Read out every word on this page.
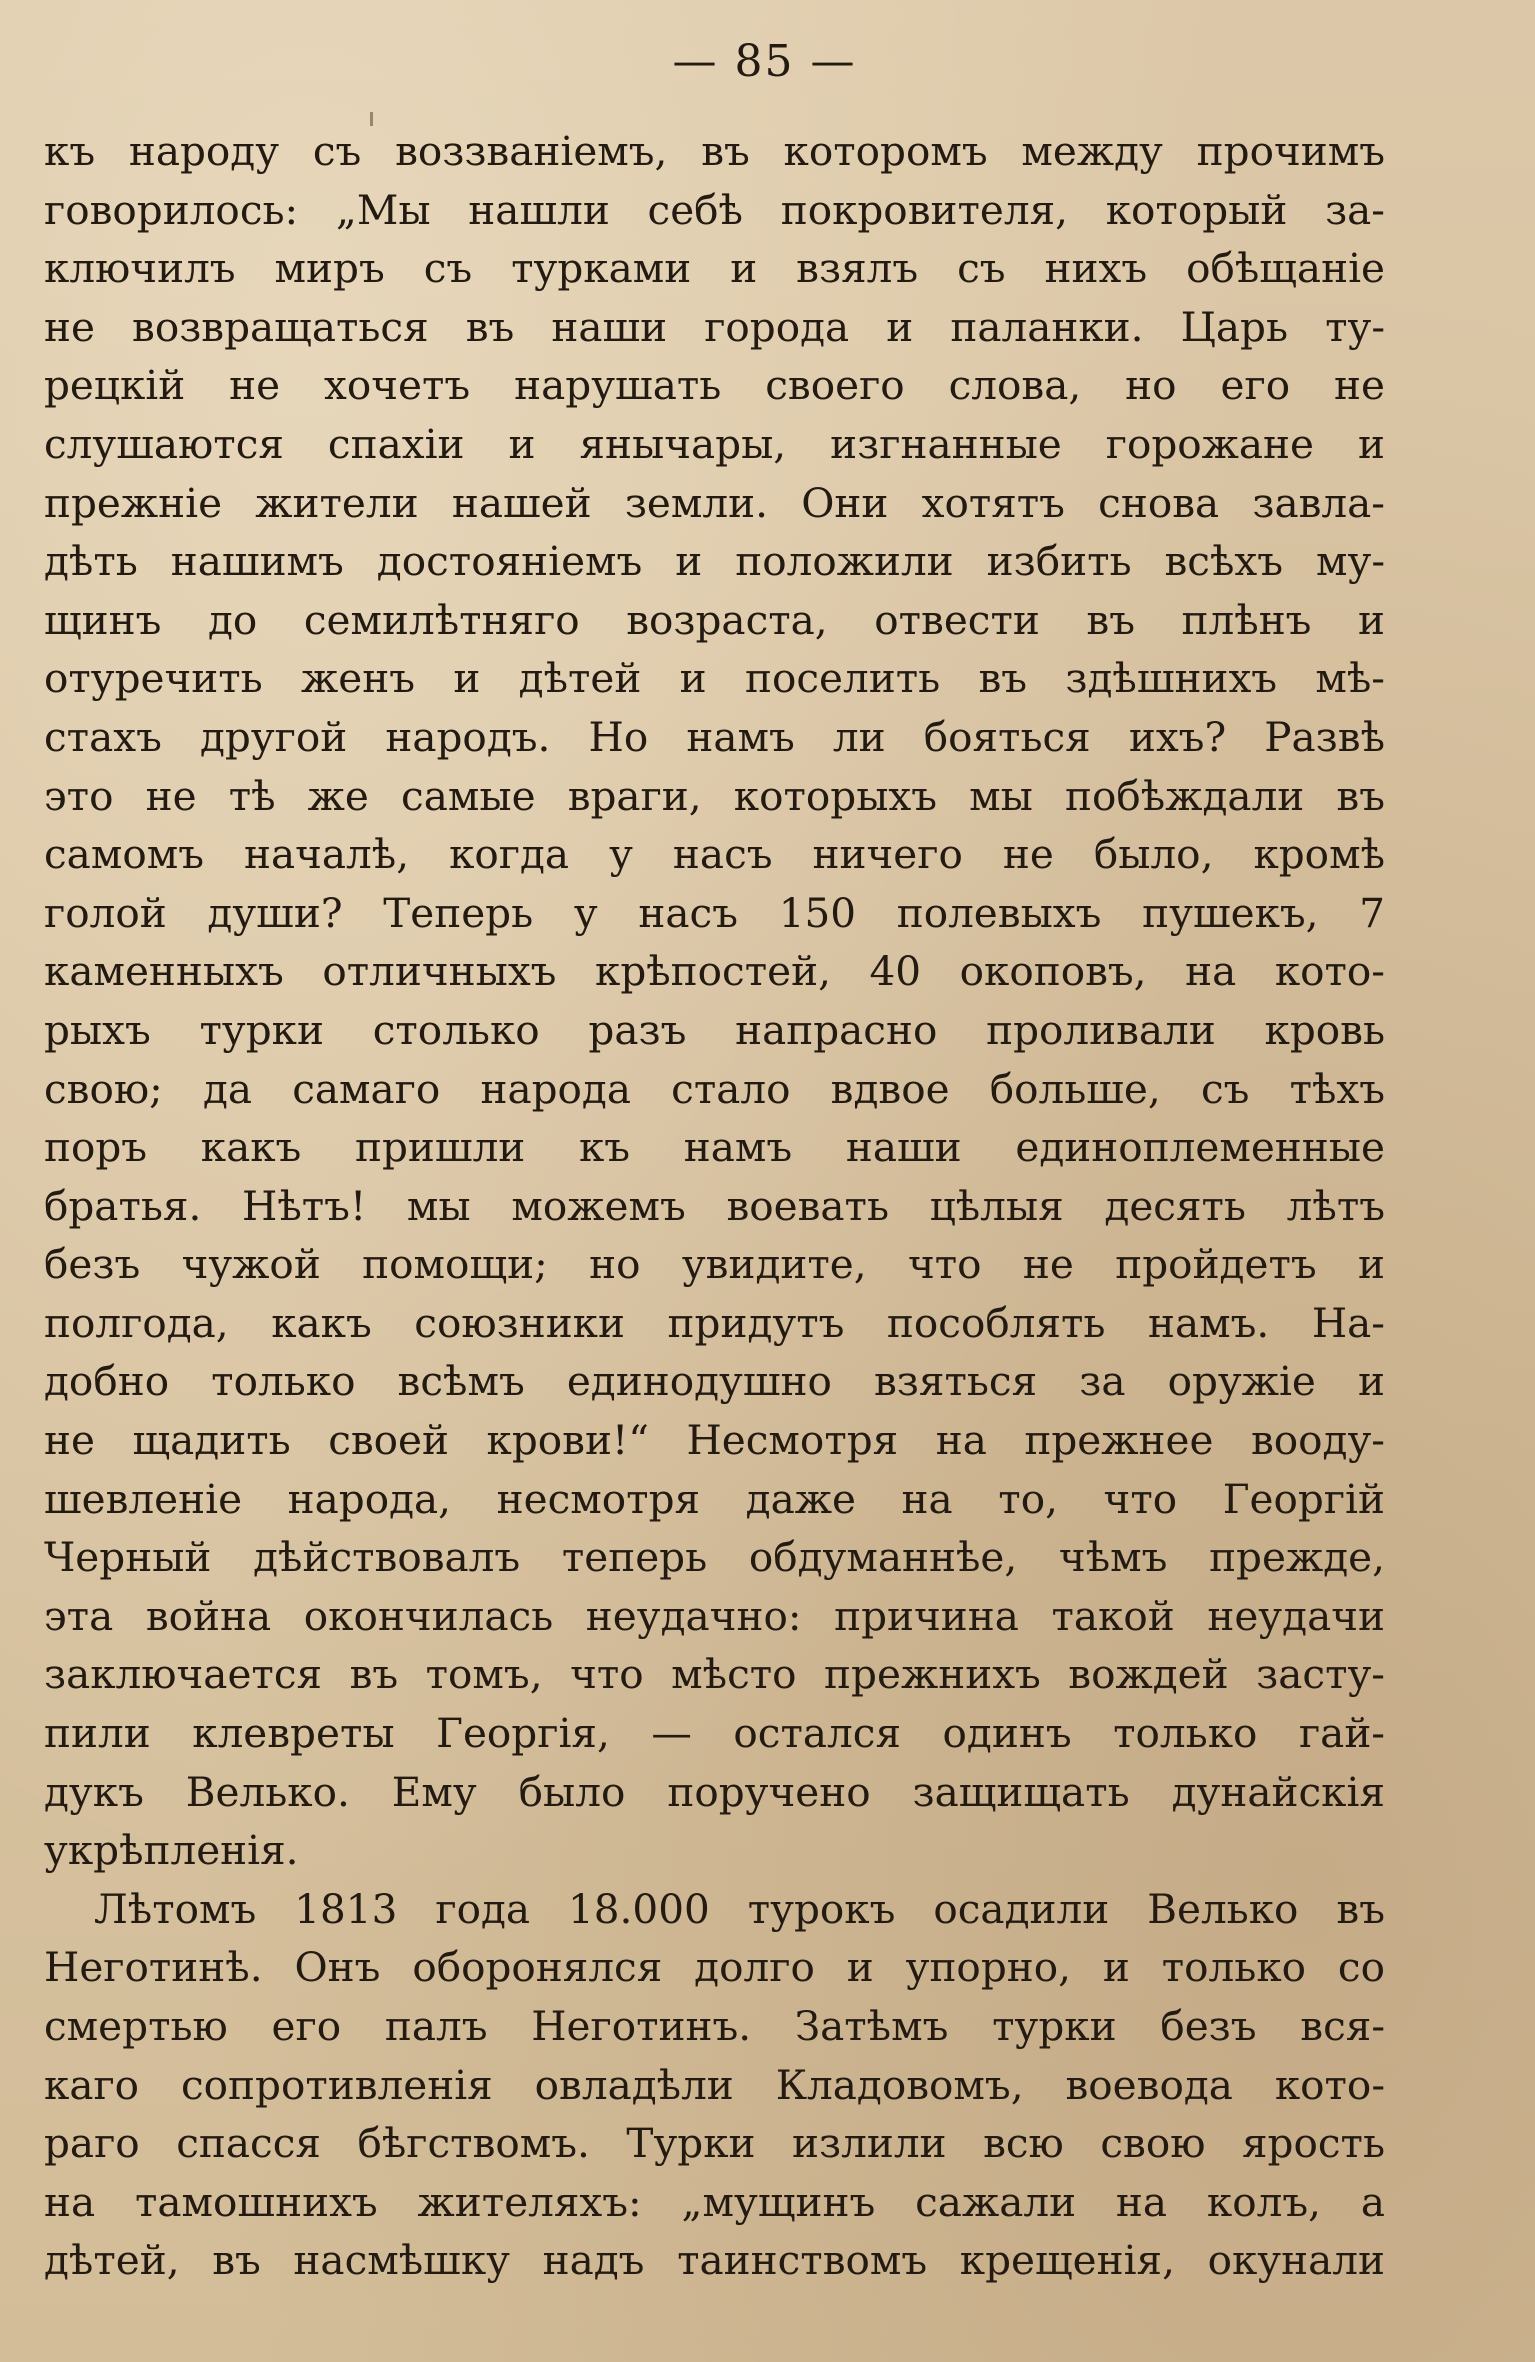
— 85 —
къ народу съ воззваніемъ, въ которомъ между прочимъ
говорилось: „Мы нашли себѣ покровителя, который за-
ключилъ миръ съ турками и взялъ съ нихъ обѣщаніе
не возвращаться въ наши города и паланки. Царь ту-
рецкій не хочетъ нарушать своего слова, но его не
слушаются спахіи и янычары, изгнанные горожане и
прежніе жители нашей земли. Они хотятъ снова завла-
дѣть нашимъ достояніемъ и положили избить всѣхъ му-
щинъ до семилѣтняго возраста, отвести въ плѣнъ и
отуречить женъ и дѣтей и поселить въ здѣшнихъ мѣ-
стахъ другой народъ. Но намъ ли бояться ихъ? Развѣ
это не тѣ же самые враги, которыхъ мы побѣждали въ
самомъ началѣ, когда у насъ ничего не было, кромѣ
голой души? Теперь у насъ 150 полевыхъ пушекъ, 7
каменныхъ отличныхъ крѣпостей, 40 окоповъ, на кото-
рыхъ турки столько разъ напрасно проливали кровь
свою; да самаго народа стало вдвое больше, съ тѣхъ
поръ какъ пришли къ намъ наши единоплеменные
братья. Нѣтъ! мы можемъ воевать цѣлыя десять лѣтъ
безъ чужой помощи; но увидите, что не пройдетъ и
полгода, какъ союзники придутъ пособлять намъ. На-
добно только всѣмъ единодушно взяться за оружіе и
не щадить своей крови!“ Несмотря на прежнее вооду-
шевленіе народа, несмотря даже на то, что Георгій
Черный дѣйствовалъ теперь обдуманнѣе, чѣмъ прежде,
эта война окончилась неудачно: причина такой неудачи
заключается въ томъ, что мѣсто прежнихъ вождей засту-
пили клевреты Георгія, — остался одинъ только гай-
дукъ Велько. Ему было поручено защищать дунайскія
укрѣпленія.
Лѣтомъ 1813 года 18.000 турокъ осадили Велько въ
Неготинѣ. Онъ оборонялся долго и упорно, и только со
смертью его палъ Неготинъ. Затѣмъ турки безъ вся-
каго сопротивленія овладѣли Кладовомъ, воевода кото-
раго спасся бѣгствомъ. Турки излили всю свою ярость
на тамошнихъ жителяхъ: „мущинъ сажали на колъ, а
дѣтей, въ насмѣшку надъ таинствомъ крещенія, окунали
